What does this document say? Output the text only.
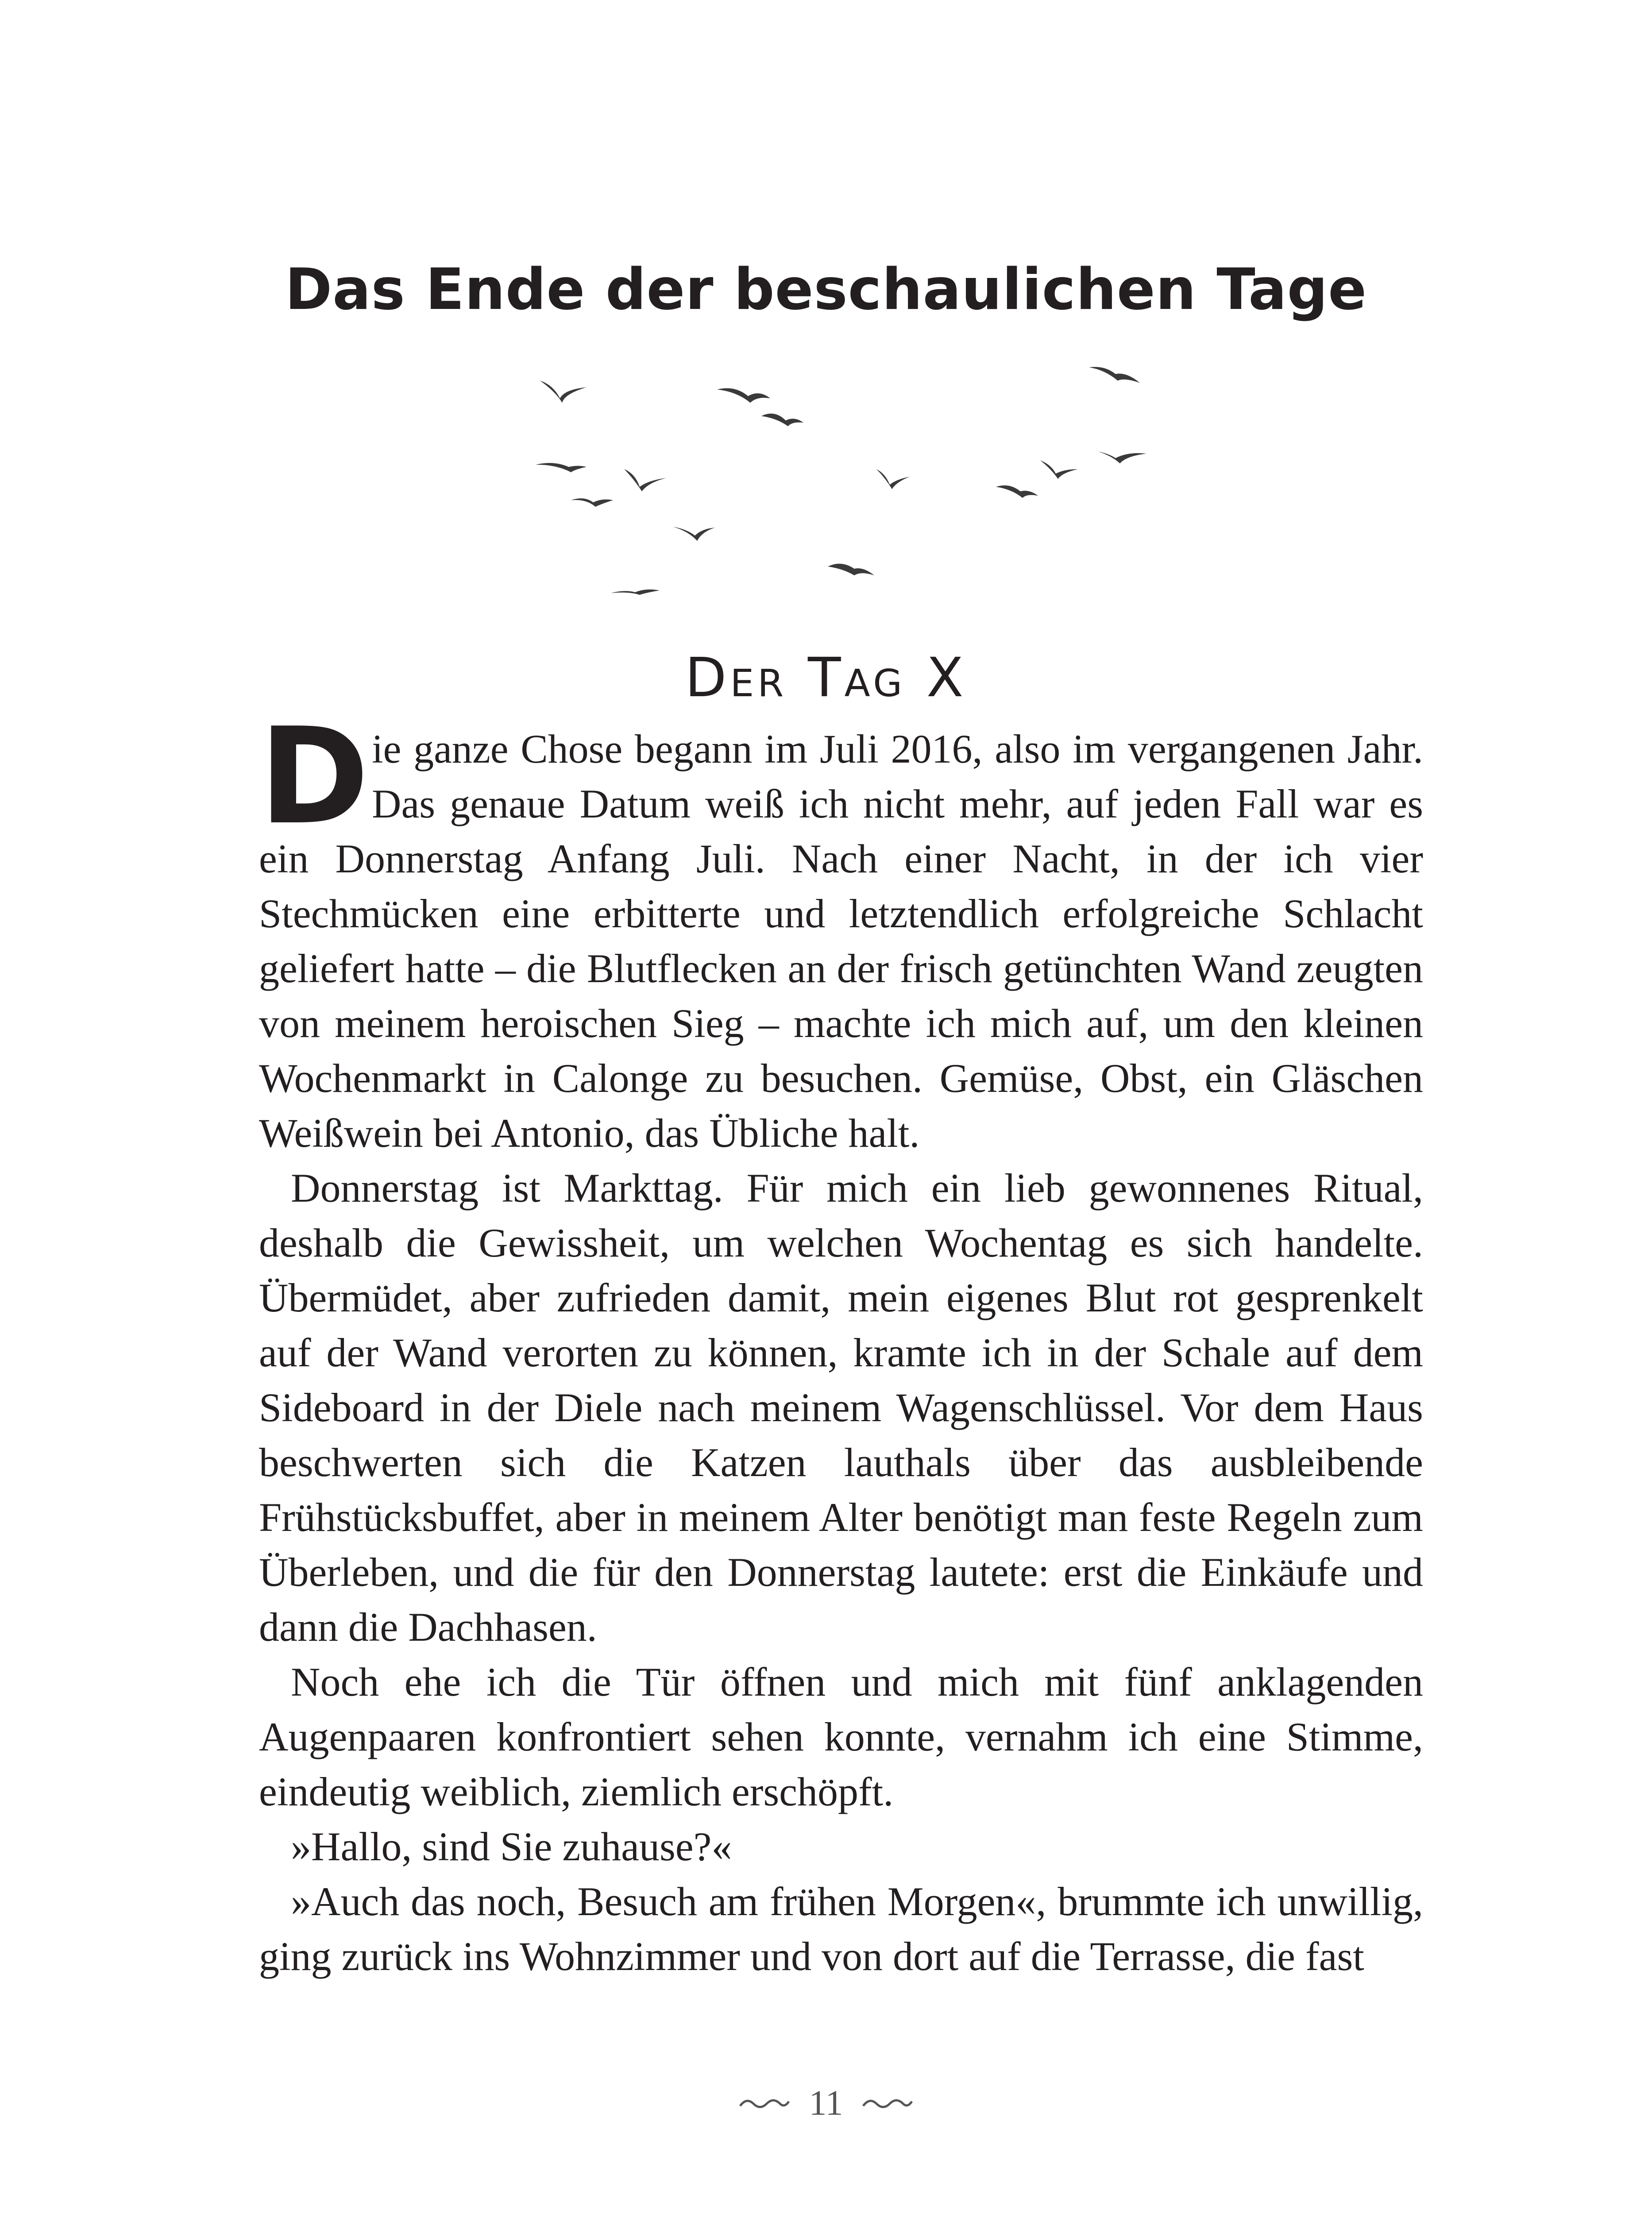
Das Ende der beschaulichen Tage
Der Tag X

Die ganze Chose begann im Juli 2016, also im vergangenen Jahr. Das genaue Datum weiß ich nicht mehr, auf jeden Fall war es ein Donnerstag Anfang Juli. Nach einer Nacht, in der ich vier Stechmücken eine erbitterte und letztendlich erfolgreiche Schlacht geliefert hatte – die Blutflecken an der frisch getünchten Wand zeugten von meinem heroischen Sieg – machte ich mich auf, um den kleinen Wochenmarkt in Calonge zu besuchen. Gemüse, Obst, ein Gläschen Weißwein bei Antonio, das Übliche halt.

Donnerstag ist Markttag. Für mich ein lieb gewonnenes Ritual, deshalb die Gewissheit, um welchen Wochentag es sich handelte. Übermüdet, aber zufrieden damit, mein eigenes Blut rot gesprenkelt auf der Wand verorten zu können, kramte ich in der Schale auf dem Sideboard in der Diele nach meinem Wagenschlüssel. Vor dem Haus beschwerten sich die Katzen lauthals über das ausbleibende Frühstücksbuffet, aber in meinem Alter benötigt man feste Regeln zum Überleben, und die für den Donnerstag lautete: erst die Einkäufe und dann die Dachhasen.

Noch ehe ich die Tür öffnen und mich mit fünf anklagenden Augenpaaren konfrontiert sehen konnte, vernahm ich eine Stimme, eindeutig weiblich, ziemlich erschöpft.

»Hallo, sind Sie zuhause?«

»Auch das noch, Besuch am frühen Morgen«, brummte ich unwillig, ging zurück ins Wohnzimmer und von dort auf die Terrasse, die fast

11
